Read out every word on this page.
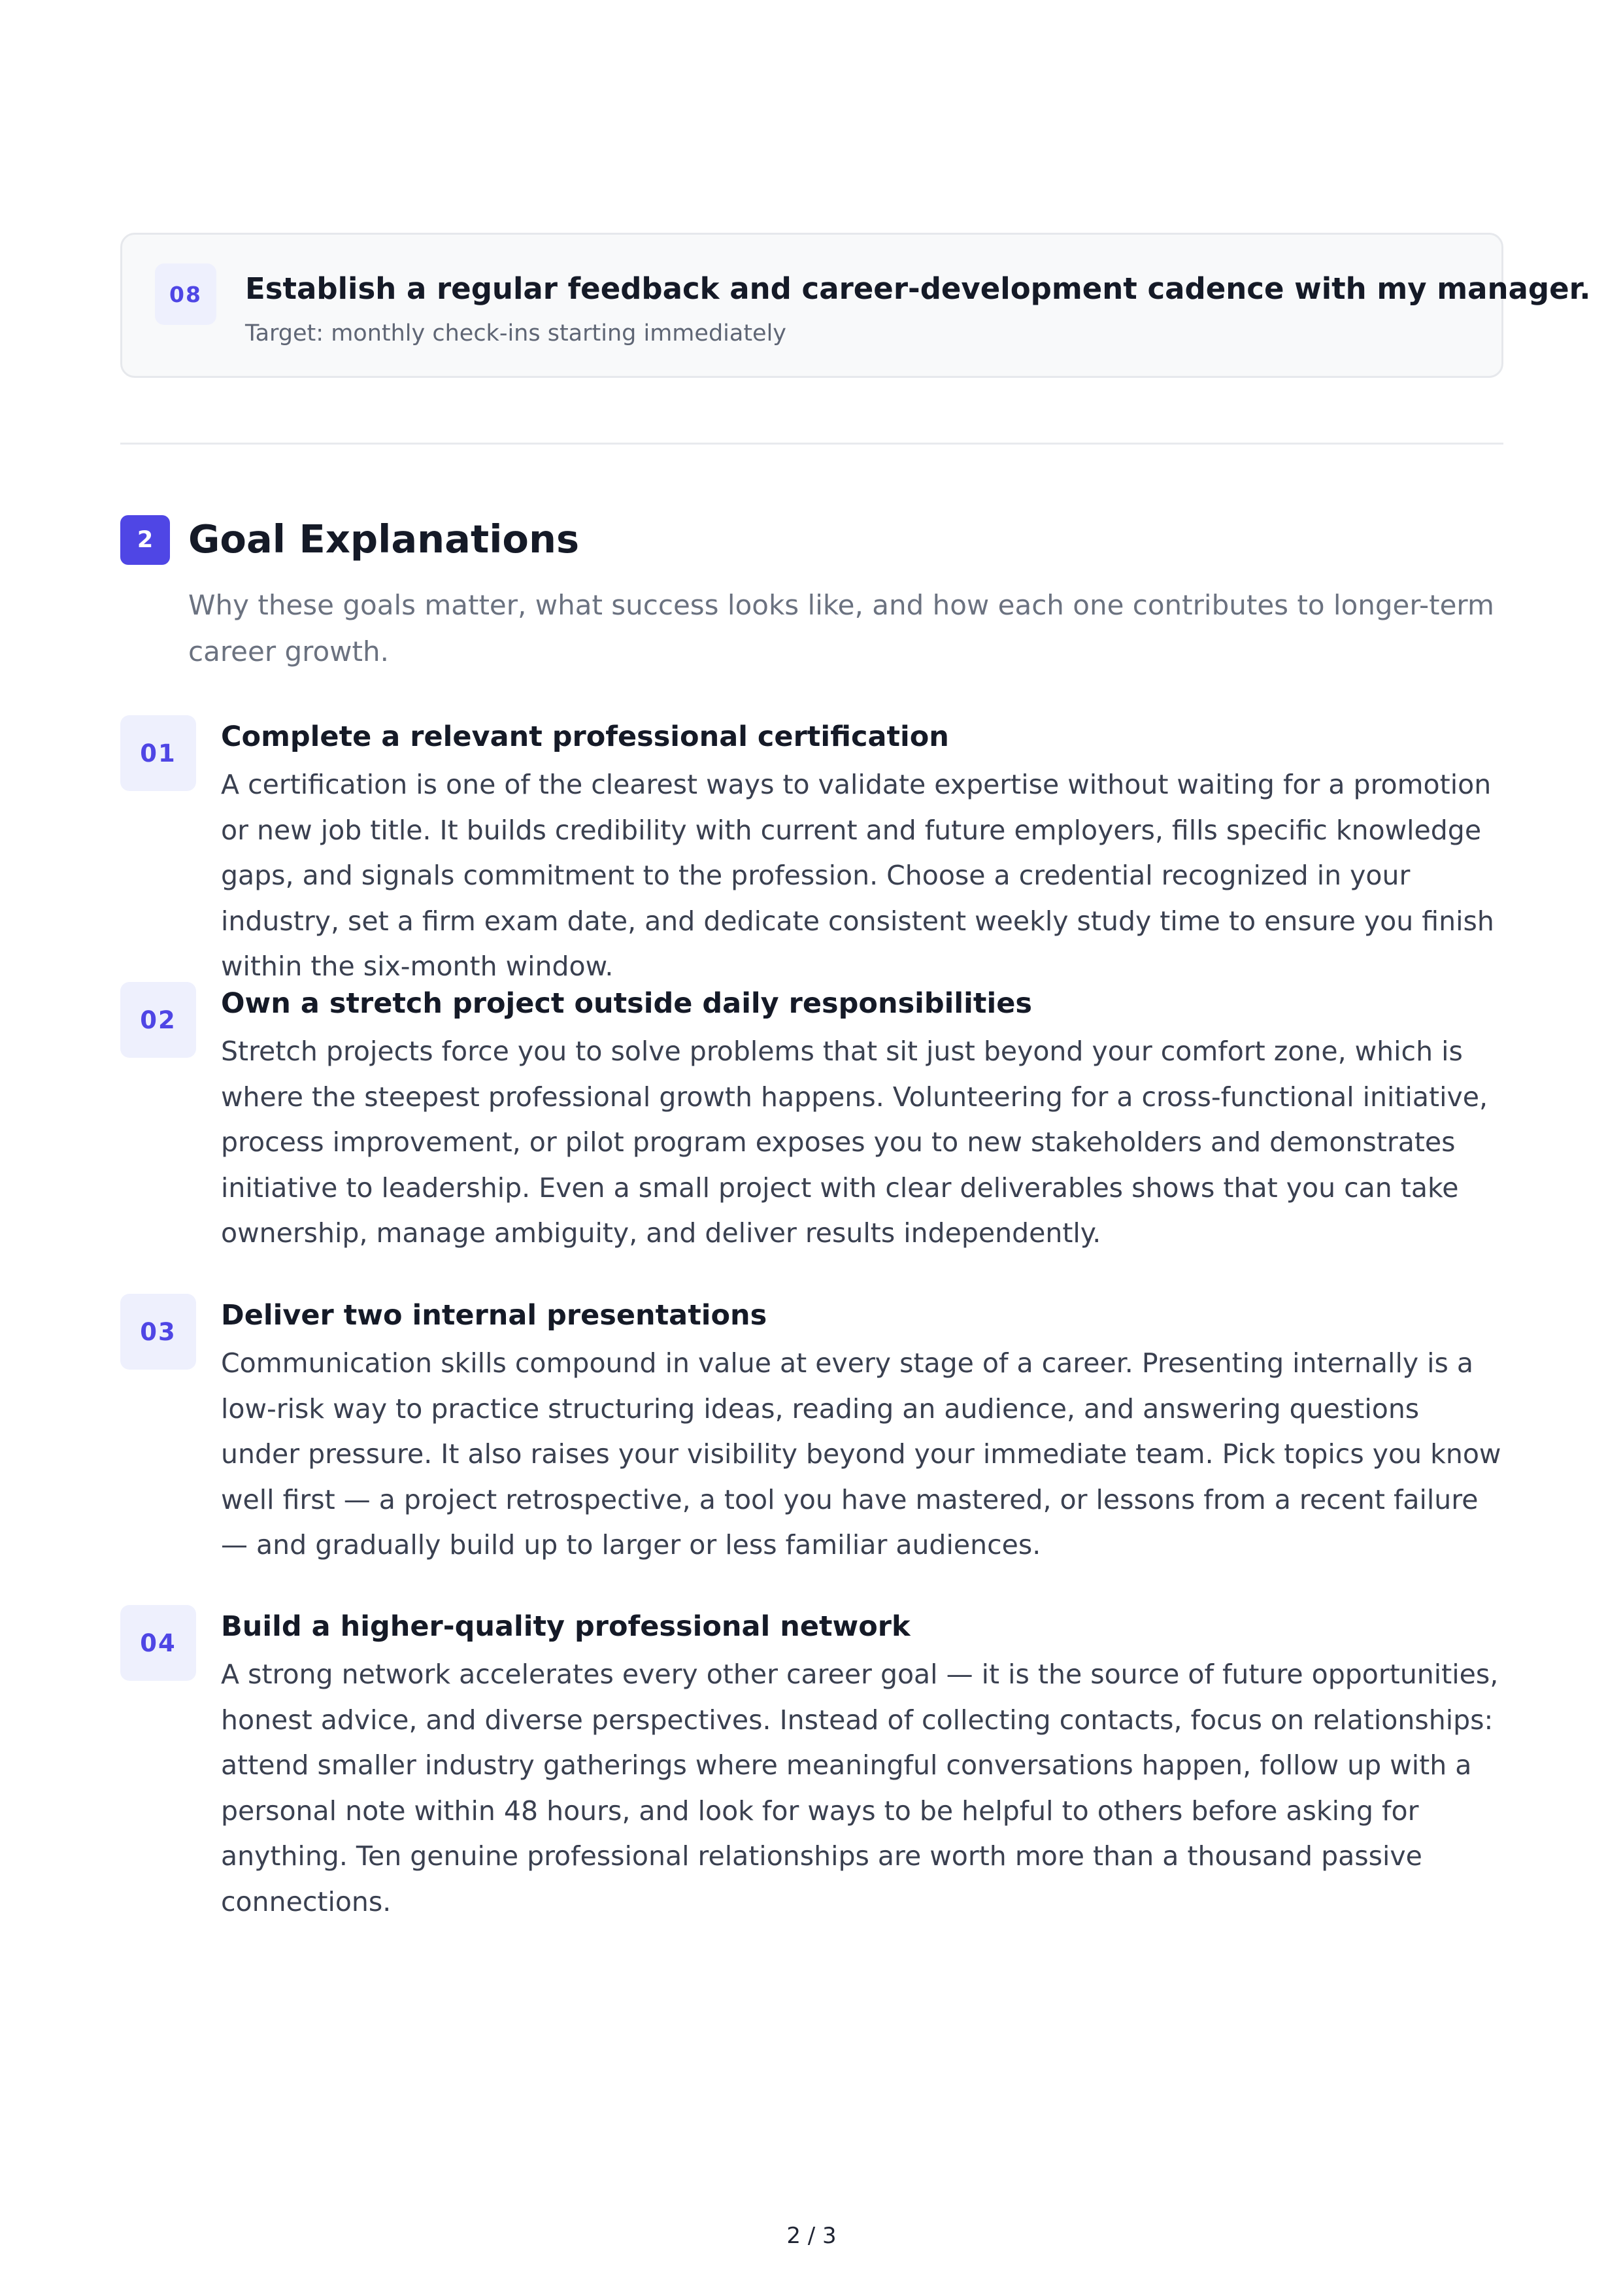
08	Establish a regular feedback and career-development cadence with my manager.
Target: monthly check-ins starting immediately
2 Goal Explanations
Why these goals matter, what success looks like, and how each one contributes to longer-term career growth.
01	Complete a relevant professional certification
A certification is one of the clearest ways to validate expertise without waiting for a promotion or new job title. It builds credibility with current and future employers, fills specific knowledge gaps, and signals commitment to the profession. Choose a credential recognized in your industry, set a firm exam date, and dedicate consistent weekly study time to ensure you finish within the six-month window.
02	Own a stretch project outside daily responsibilities
Stretch projects force you to solve problems that sit just beyond your comfort zone, which is where the steepest professional growth happens. Volunteering for a cross-functional initiative, process improvement, or pilot program exposes you to new stakeholders and demonstrates initiative to leadership. Even a small project with clear deliverables shows that you can take ownership, manage ambiguity, and deliver results independently.
03	Deliver two internal presentations
Communication skills compound in value at every stage of a career. Presenting internally is a low-risk way to practice structuring ideas, reading an audience, and answering questions under pressure. It also raises your visibility beyond your immediate team. Pick topics you know well first — a project retrospective, a tool you have mastered, or lessons from a recent failure — and gradually build up to larger or less familiar audiences.
04	Build a higher-quality professional network
A strong network accelerates every other career goal — it is the source of future opportunities, honest advice, and diverse perspectives. Instead of collecting contacts, focus on relationships: attend smaller industry gatherings where meaningful conversations happen, follow up with a personal note within 48 hours, and look for ways to be helpful to others before asking for anything. Ten genuine professional relationships are worth more than a thousand passive connections.
2 / 3
